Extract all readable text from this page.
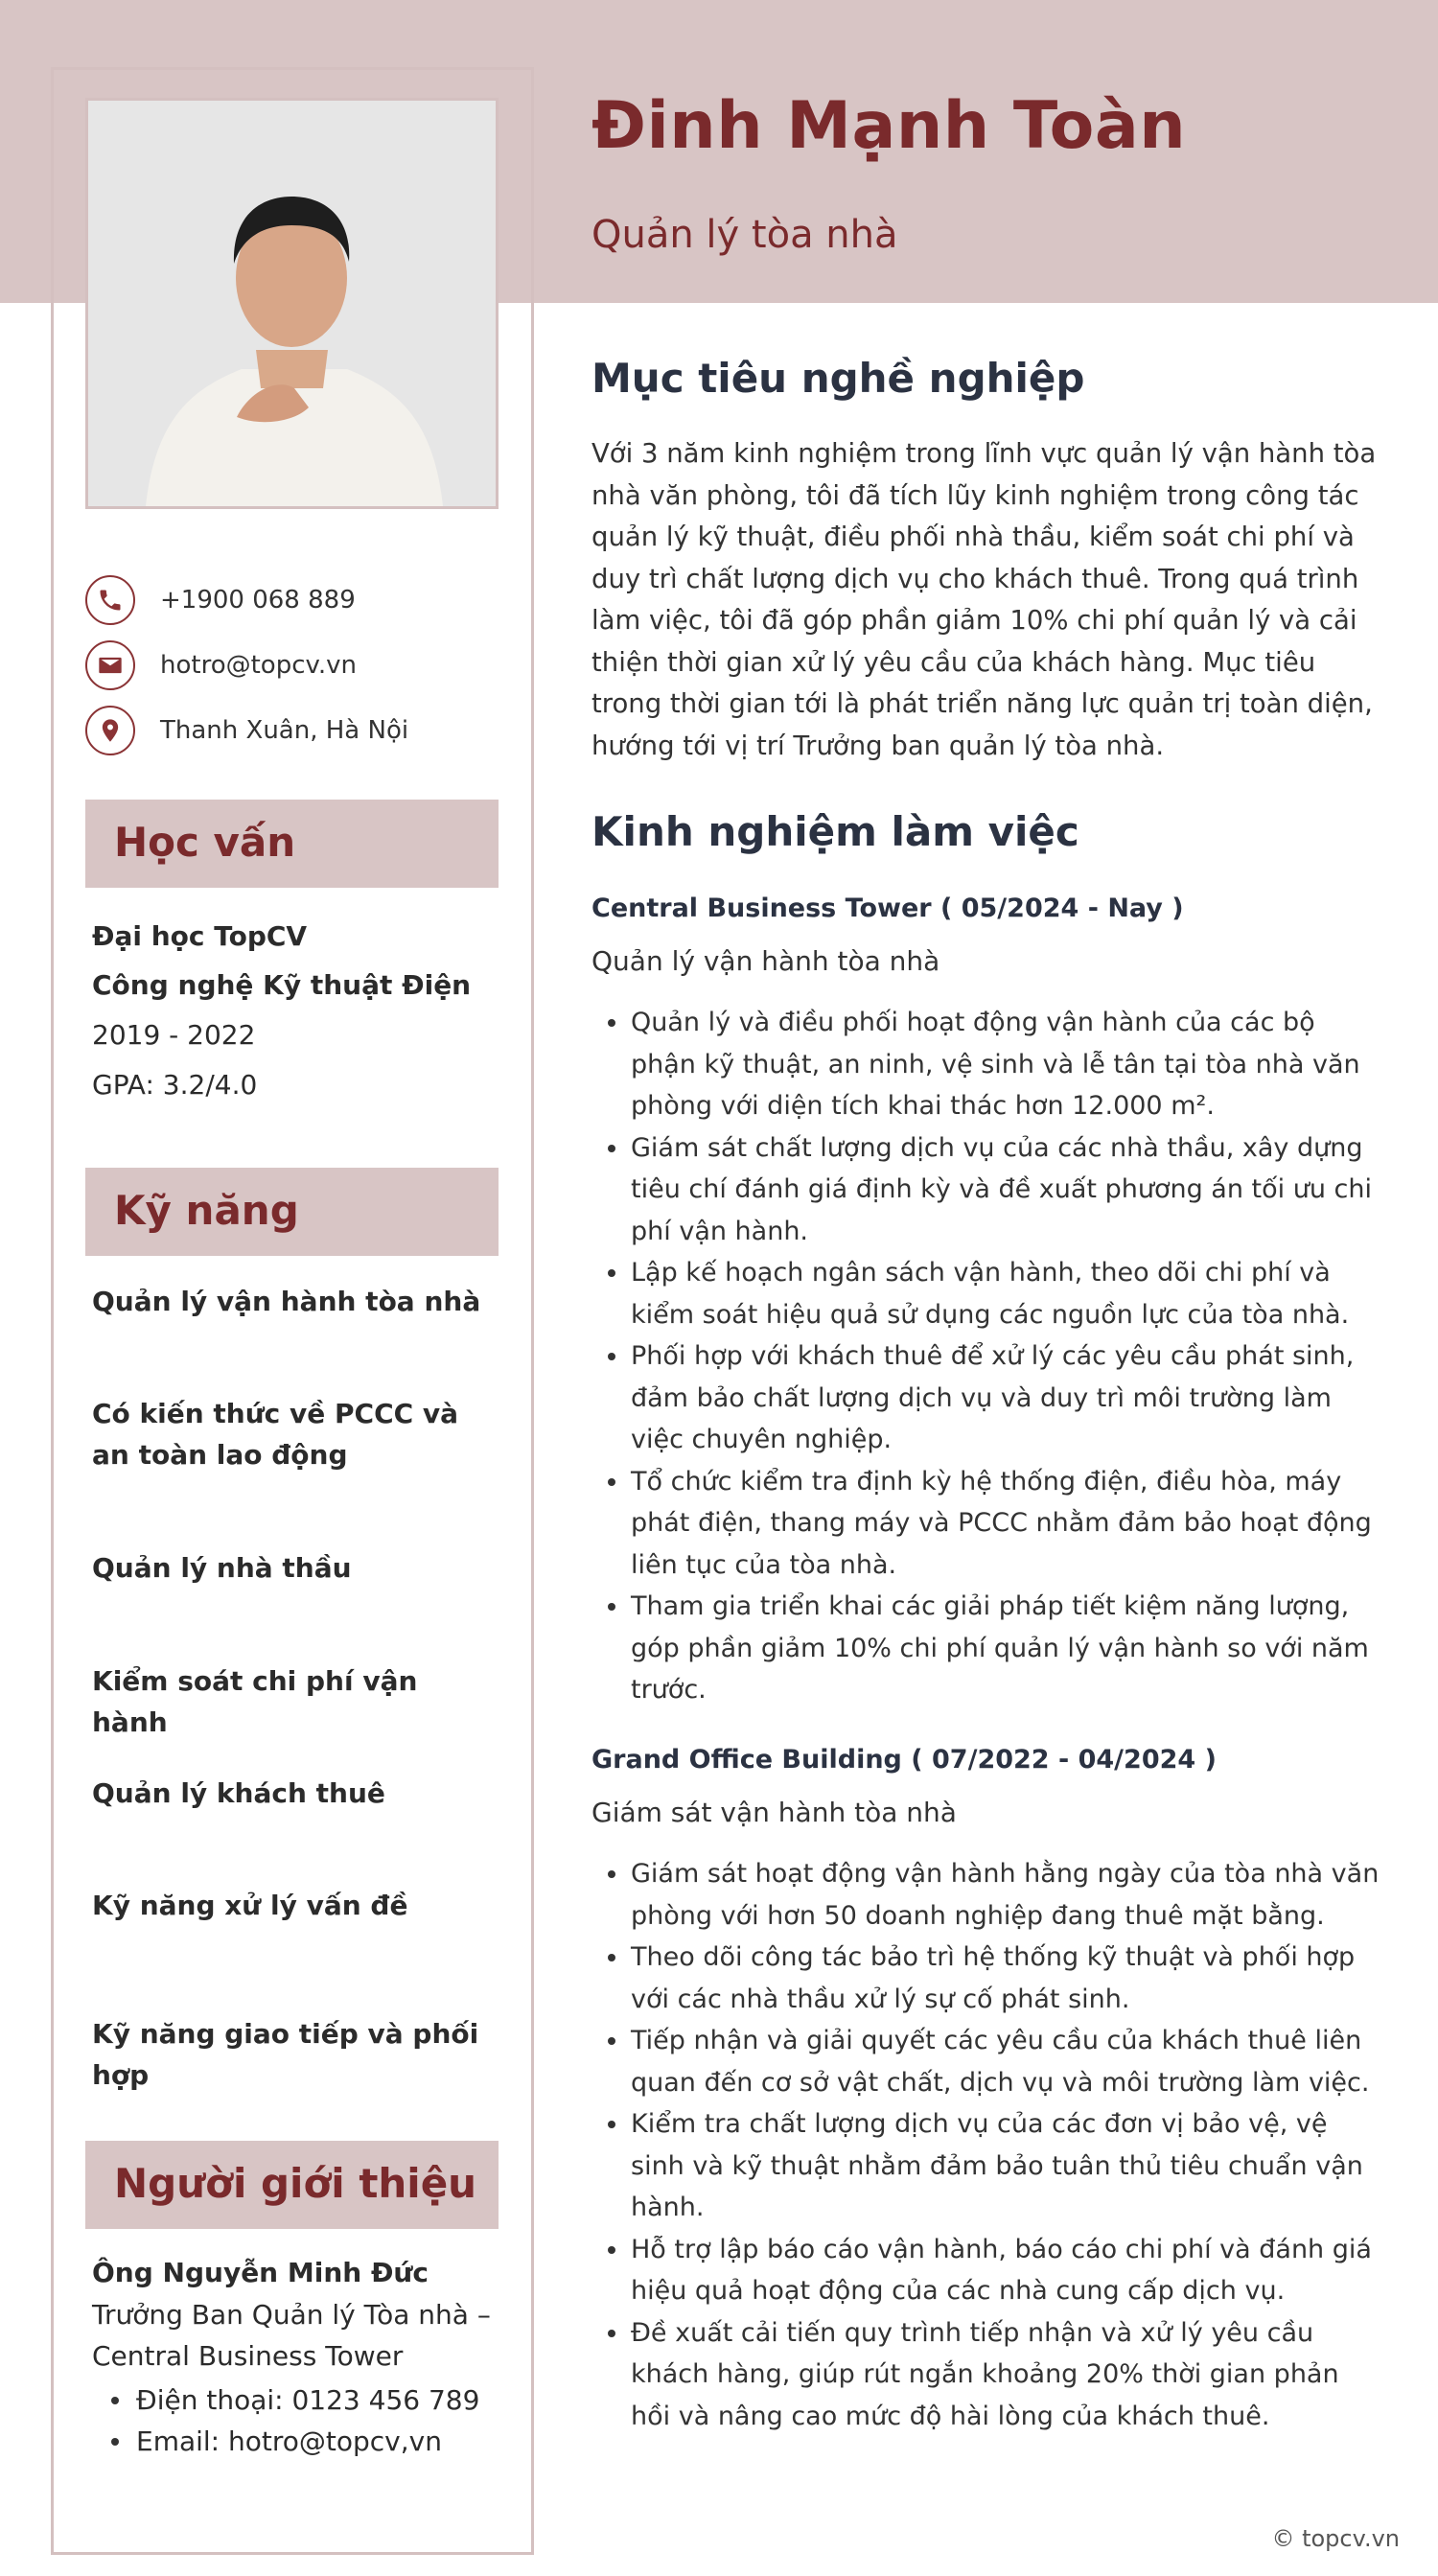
Đinh Mạnh Toàn
Quản lý tòa nhà
+1900 068 889
hotro@topcv.vn
Thanh Xuân, Hà Nội
Học vấn
Đại học TopCV
Công nghệ Kỹ thuật Điện
2019 - 2022
GPA: 3.2/4.0
Kỹ năng
Quản lý vận hành tòa nhà
Có kiến thức về PCCC và an toàn lao động
Quản lý nhà thầu
Kiểm soát chi phí vận hành
Quản lý khách thuê
Kỹ năng xử lý vấn đề
Kỹ năng giao tiếp và phối hợp
Người giới thiệu
Ông Nguyễn Minh Đức
Trưởng Ban Quản lý Tòa nhà – Central Business Tower
Điện thoại: 0123 456 789
Email: hotro@topcv,vn
Mục tiêu nghề nghiệp
Với 3 năm kinh nghiệm trong lĩnh vực quản lý vận hành tòa nhà văn phòng, tôi đã tích lũy kinh nghiệm trong công tác quản lý kỹ thuật, điều phối nhà thầu, kiểm soát chi phí và duy trì chất lượng dịch vụ cho khách thuê. Trong quá trình làm việc, tôi đã góp phần giảm 10% chi phí quản lý và cải thiện thời gian xử lý yêu cầu của khách hàng. Mục tiêu trong thời gian tới là phát triển năng lực quản trị toàn diện, hướng tới vị trí Trưởng ban quản lý tòa nhà.
Kinh nghiệm làm việc
Central Business Tower ( 05/2024 - Nay )
Quản lý vận hành tòa nhà
Quản lý và điều phối hoạt động vận hành của các bộ phận kỹ thuật, an ninh, vệ sinh và lễ tân tại tòa nhà văn phòng với diện tích khai thác hơn 12.000 m².
Giám sát chất lượng dịch vụ của các nhà thầu, xây dựng tiêu chí đánh giá định kỳ và đề xuất phương án tối ưu chi phí vận hành.
Lập kế hoạch ngân sách vận hành, theo dõi chi phí và kiểm soát hiệu quả sử dụng các nguồn lực của tòa nhà.
Phối hợp với khách thuê để xử lý các yêu cầu phát sinh, đảm bảo chất lượng dịch vụ và duy trì môi trường làm việc chuyên nghiệp.
Tổ chức kiểm tra định kỳ hệ thống điện, điều hòa, máy phát điện, thang máy và PCCC nhằm đảm bảo hoạt động liên tục của tòa nhà.
Tham gia triển khai các giải pháp tiết kiệm năng lượng, góp phần giảm 10% chi phí quản lý vận hành so với năm trước.
Grand Office Building ( 07/2022 - 04/2024 )
Giám sát vận hành tòa nhà
Giám sát hoạt động vận hành hằng ngày của tòa nhà văn phòng với hơn 50 doanh nghiệp đang thuê mặt bằng.
Theo dõi công tác bảo trì hệ thống kỹ thuật và phối hợp với các nhà thầu xử lý sự cố phát sinh.
Tiếp nhận và giải quyết các yêu cầu của khách thuê liên quan đến cơ sở vật chất, dịch vụ và môi trường làm việc.
Kiểm tra chất lượng dịch vụ của các đơn vị bảo vệ, vệ sinh và kỹ thuật nhằm đảm bảo tuân thủ tiêu chuẩn vận hành.
Hỗ trợ lập báo cáo vận hành, báo cáo chi phí và đánh giá hiệu quả hoạt động của các nhà cung cấp dịch vụ.
Đề xuất cải tiến quy trình tiếp nhận và xử lý yêu cầu khách hàng, giúp rút ngắn khoảng 20% thời gian phản hồi và nâng cao mức độ hài lòng của khách thuê.
© topcv.vn
